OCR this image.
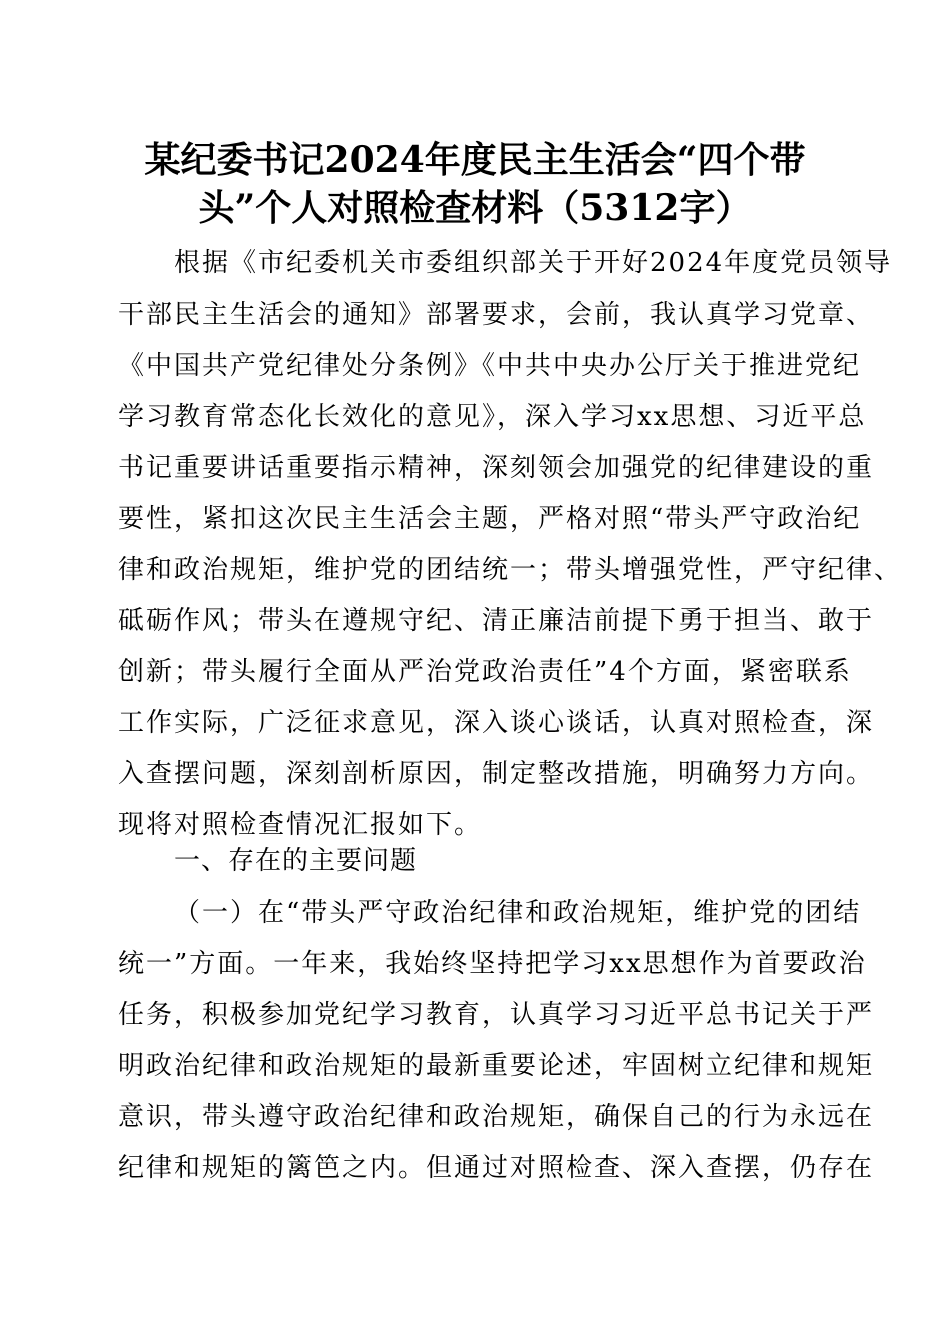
某纪委书记2024年度民主生活会“四个带
头”个人对照检查材料（5312字）
根据《市纪委机关市委组织部关于开好2024年度党员领导
干部民主生活会的通知》部署要求，会前，我认真学习党章、
《中国共产党纪律处分条例》《中共中央办公厅关于推进党纪
学习教育常态化长效化的意见》，深入学习xx思想、习近平总
书记重要讲话重要指示精神，深刻领会加强党的纪律建设的重
要性，紧扣这次民主生活会主题，严格对照“带头严守政治纪
律和政治规矩，维护党的团结统一；带头增强党性，严守纪律、
砥砺作风；带头在遵规守纪、清正廉洁前提下勇于担当、敢于
创新；带头履行全面从严治党政治责任”4个方面，紧密联系
工作实际，广泛征求意见，深入谈心谈话，认真对照检查，深
入查摆问题，深刻剖析原因，制定整改措施，明确努力方向。
现将对照检查情况汇报如下。
一、存在的主要问题
（一）在“带头严守政治纪律和政治规矩，维护党的团结
统一”方面。一年来，我始终坚持把学习xx思想作为首要政治
任务，积极参加党纪学习教育，认真学习习近平总书记关于严
明政治纪律和政治规矩的最新重要论述，牢固树立纪律和规矩
意识，带头遵守政治纪律和政治规矩，确保自己的行为永远在
纪律和规矩的篱笆之内。但通过对照检查、深入查摆，仍存在
